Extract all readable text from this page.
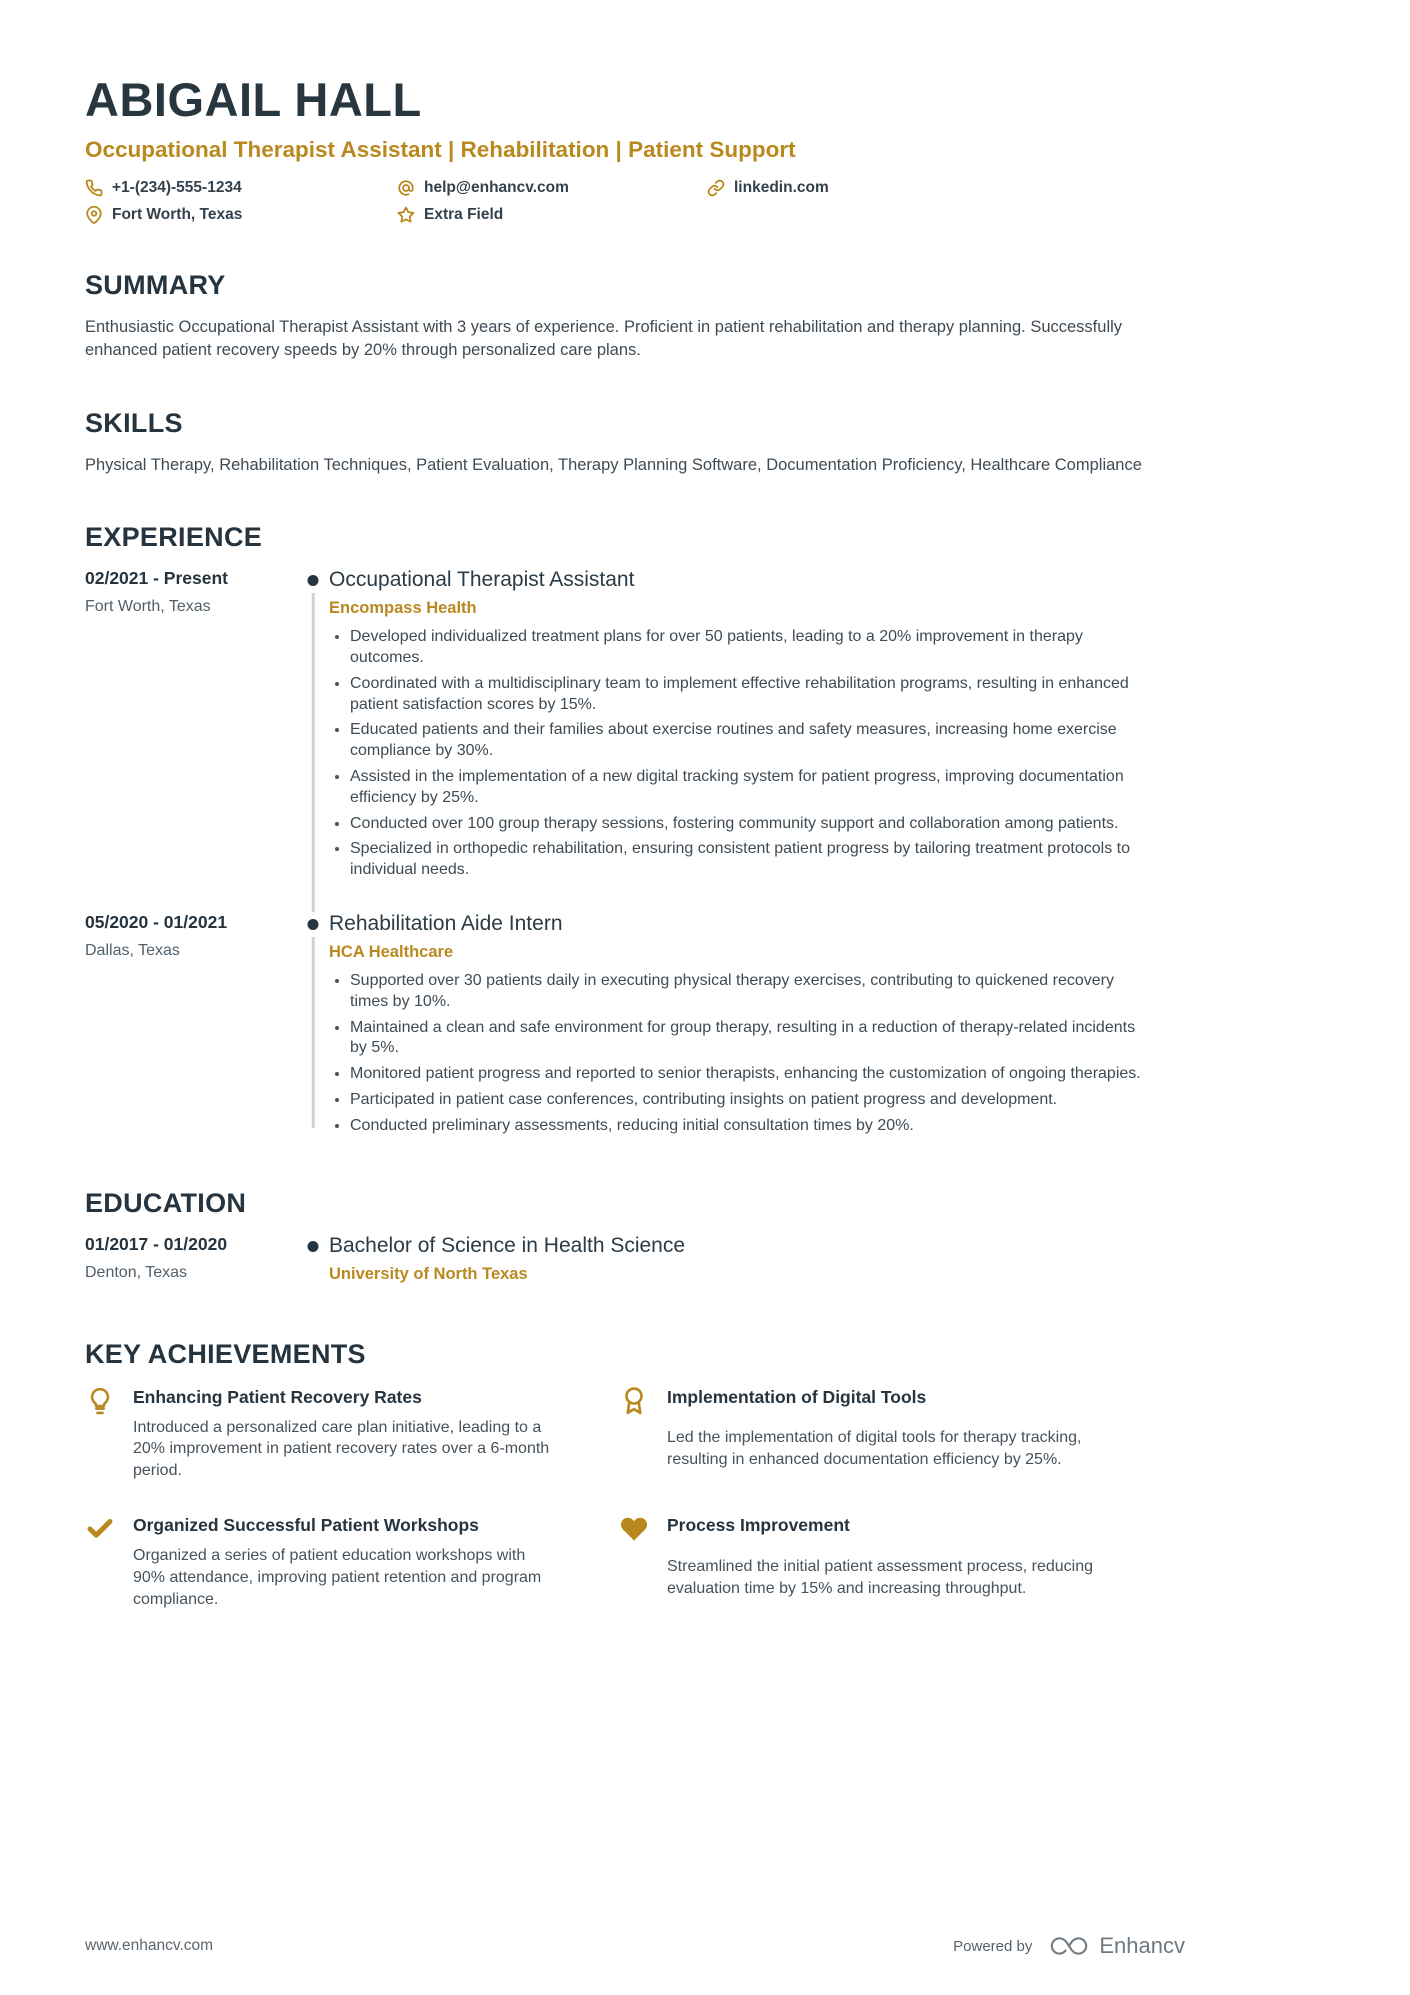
ABIGAIL HALL
Occupational Therapist Assistant | Rehabilitation | Patient Support
+1-(234)-555-1234	help@enhancv.com	linkedin.com
Fort Worth, Texas	Extra Field
SUMMARY

Enthusiastic Occupational Therapist Assistant with 3 years of experience. Proficient in patient rehabilitation and therapy planning. Successfully enhanced patient recovery speeds by 20% through personalized care plans.

SKILLS

Physical Therapy, Rehabilitation Techniques, Patient Evaluation, Therapy Planning Software, Documentation Proficiency, Healthcare Compliance

EXPERIENCE
02/2021 - Present
Fort Worth, Texas
Occupational Therapist Assistant
Encompass Health
• Developed individualized treatment plans for over 50 patients, leading to a 20% improvement in therapy outcomes.
• Coordinated with a multidisciplinary team to implement effective rehabilitation programs, resulting in enhanced patient satisfaction scores by 15%.
• Educated patients and their families about exercise routines and safety measures, increasing home exercise compliance by 30%.
• Assisted in the implementation of a new digital tracking system for patient progress, improving documentation efficiency by 25%.
• Conducted over 100 group therapy sessions, fostering community support and collaboration among patients.
• Specialized in orthopedic rehabilitation, ensuring consistent patient progress by tailoring treatment protocols to individual needs.
05/2020 - 01/2021
Dallas, Texas
Rehabilitation Aide Intern
HCA Healthcare
• Supported over 30 patients daily in executing physical therapy exercises, contributing to quickened recovery times by 10%.
• Maintained a clean and safe environment for group therapy, resulting in a reduction of therapy-related incidents by 5%.
• Monitored patient progress and reported to senior therapists, enhancing the customization of ongoing therapies.
• Participated in patient case conferences, contributing insights on patient progress and development.
• Conducted preliminary assessments, reducing initial consultation times by 20%.
EDUCATION
01/2017 - 01/2020
Denton, Texas
Bachelor of Science in Health Science
University of North Texas
KEY ACHIEVEMENTS
Enhancing Patient Recovery Rates
Introduced a personalized care plan initiative, leading to a 20% improvement in patient recovery rates over a 6-month period.
Implementation of Digital Tools
Led the implementation of digital tools for therapy tracking, resulting in enhanced documentation efficiency by 25%.
Organized Successful Patient Workshops
Organized a series of patient education workshops with 90% attendance, improving patient retention and program compliance.
Process Improvement
Streamlined the initial patient assessment process, reducing evaluation time by 15% and increasing throughput.
www.enhancv.com	Powered by	Enhancv
